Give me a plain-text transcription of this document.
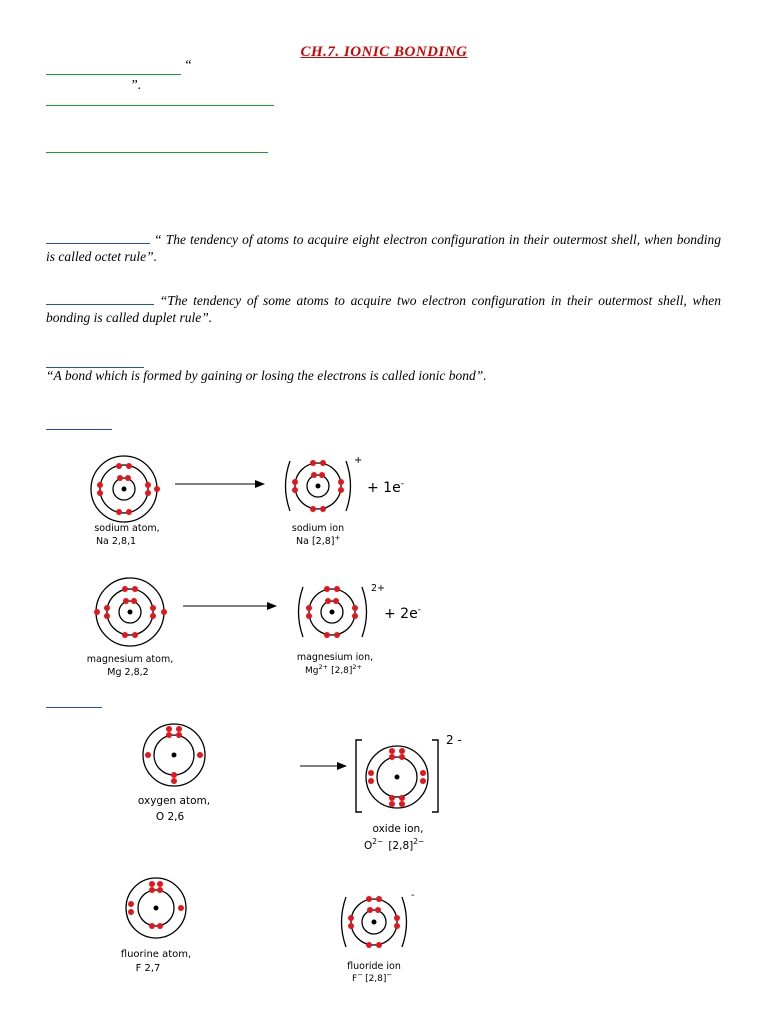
CH.7. IONIC BONDING
“
”.
“ The tendency of atoms to acquire eight electron configuration in their outermost shell, when bonding is called octet rule”.
“The tendency of some atoms to acquire two electron configuration in their outermost shell, when bonding is called duplet rule”.
“A bond which is formed by gaining or losing the electrons is called ionic bond”.
sodium atom,
Na 2,8,1
+
+ 1e-
sodium ion
Na [2,8]+
magnesium atom,
Mg 2,8,2
2+
+ 2e-
magnesium ion,
$Mg^{2+}$ $[2,8]^{2+}$
oxygen atom,
O 2,6
2 -
oxide ion,
$O^{2-}$ $[2,8]^{2-}$
fluorine atom,
F 2,7
-
fluoride ion
F− [2,8]−
